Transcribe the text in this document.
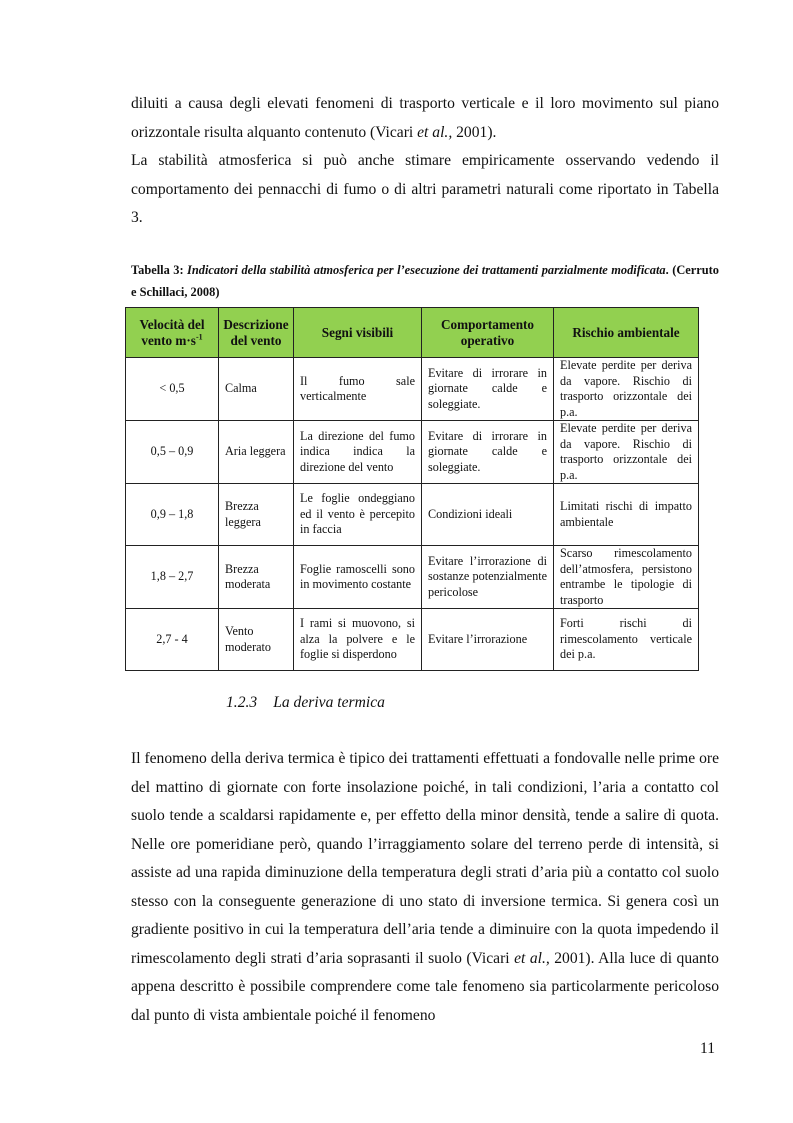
diluiti a causa degli elevati fenomeni di trasporto verticale e il loro movimento sul piano orizzontale risulta alquanto contenuto (Vicari et al., 2001).

La stabilità atmosferica si può anche stimare empiricamente osservando vedendo il comportamento dei pennacchi di fumo o di altri parametri naturali come riportato in Tabella 3.

Tabella 3: Indicatori della stabilità atmosferica per l’esecuzione dei trattamenti parzialmente modificata. (Cerruto e Schillaci, 2008)
Velocità del vento $m\cdot s^{-1}$	Descrizione del vento	Segni visibili	Comportamento operativo	Rischio ambientale
< 0,5	Calma	Il fumo sale verticalmente	Evitare di irrorare in giornate calde e soleggiate.	Elevate perdite per deriva da vapore. Rischio di trasporto orizzontale dei p.a.
0,5 – 0,9	Aria leggera	La direzione del fumo indica indica la direzione del vento	Evitare di irrorare in giornate calde e soleggiate.	Elevate perdite per deriva da vapore. Rischio di trasporto orizzontale dei p.a.
0,9 – 1,8	Brezza leggera	Le foglie ondeggiano ed il vento è percepito in faccia	Condizioni ideali	Limitati rischi di impatto ambientale
1,8 – 2,7	Brezza moderata	Foglie ramoscelli sono in movimento costante	Evitare l’irrorazione di sostanze potenzialmente pericolose	Scarso rimescolamento dell’atmosfera, persistono entrambe le tipologie di trasporto
2,7 - 4	Vento moderato	I rami si muovono, si alza la polvere e le foglie si disperdono	Evitare l’irrorazione	Forti rischi di rimescolamento verticale dei p.a.
1.2.3 La deriva termica

Il fenomeno della deriva termica è tipico dei trattamenti effettuati a fondovalle nelle prime ore del mattino di giornate con forte insolazione poiché, in tali condizioni, l’aria a contatto col suolo tende a scaldarsi rapidamente e, per effetto della minor densità, tende a salire di quota. Nelle ore pomeridiane però, quando l’irraggiamento solare del terreno perde di intensità, si assiste ad una rapida diminuzione della temperatura degli strati d’aria più a contatto col suolo stesso con la conseguente generazione di uno stato di inversione termica. Si genera così un gradiente positivo in cui la temperatura dell’aria tende a diminuire con la quota impedendo il rimescolamento degli strati d’aria soprasanti il suolo (Vicari et al., 2001). Alla luce di quanto appena descritto è possibile comprendere come tale fenomeno sia particolarmente pericoloso dal punto di vista ambientale poiché il fenomeno

11
